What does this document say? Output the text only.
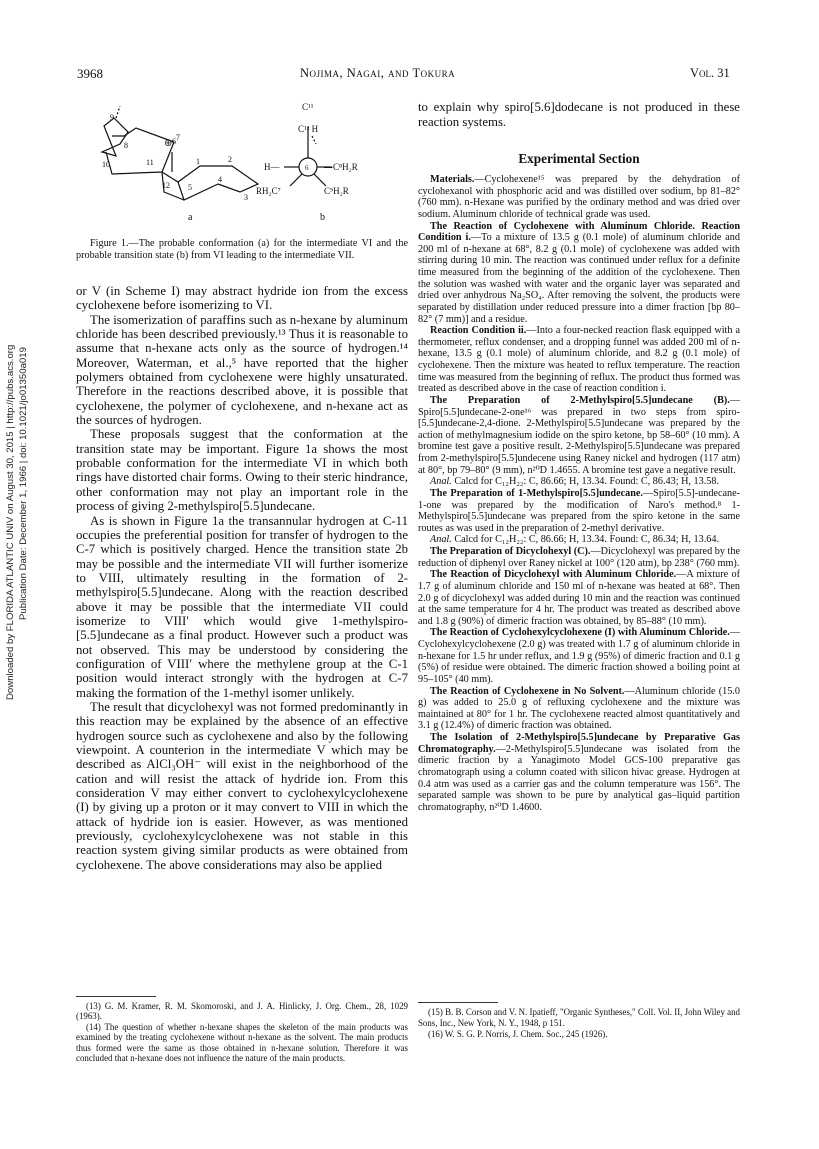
3968	Nojima, Nagai, and Tokura	Vol. 31
Downloaded by FLORIDA ATLANTIC UNIV on August 30, 2015 | http://pubs.acs.org Publication Date: December 1, 1966 | doi: 10.1021/jo01350a019
9
8
7
10	11
12
1	2
3
4
5
6
⊕
a
C¹¹
C¹² H
H—	6 —C⁸H₂R
RH₂C⁷	C⁵H₂R
b
Figure 1.—The probable conformation (a) for the intermediate VI and the probable transition state (b) from VI leading to the intermediate VII.

or V (in Scheme I) may abstract hydride ion from the excess cyclohexene before isomerizing to VI.

The isomerization of paraffins such as n-hexane by aluminum chloride has been described previously.¹³ Thus it is reasonable to assume that n-hexane acts only as the source of hydrogen.¹⁴ Moreover, Waterman, et al.,⁵ have reported that the higher polymers obtained from cyclohexene were highly unsaturated. Therefore in the reactions described above, it is possible that cyclohexene, the polymer of cyclohexene, and n-hexane act as the sources of hydrogen.

These proposals suggest that the conformation at the transition state may be important. Figure 1a shows the most probable conformation for the intermediate VI in which both rings have distorted chair forms. Owing to their steric hindrance, other conformation may not play an important role in the process of giving 2-methylspiro[5.5]undecane.

As is shown in Figure 1a the transannular hydrogen at C-11 occupies the preferential position for transfer of hydrogen to the C-7 which is positively charged. Hence the transition state 2b may be possible and the intermediate VII will further isomerize to VIII, ultimately resulting in the formation of 2-methylspiro[5.5]undecane. Along with the reaction described above it may be possible that the intermediate VII could isomerize to VIII′ which would give 1-methylspiro-[5.5]undecane as a final product. However such a product was not observed. This may be understood by considering the configuration of VIII′ where the methylene group at the C-1 position would interact strongly with the hydrogen at C-7 making the formation of the 1-methyl isomer unlikely.

The result that dicyclohexyl was not formed predominantly in this reaction may be explained by the absence of an effective hydrogen source such as cyclohexene and also by the following viewpoint. A counterion in the intermediate V which may be described as AlCl₃OH⁻ will exist in the neighborhood of the cation and will resist the attack of hydride ion. From this consideration V may either convert to cyclohexylcyclohexene (I) by giving up a proton or it may convert to VIII in which the attack of hydride ion is easier. However, as was mentioned previously, cyclohexylcyclohexene was not stable in this reaction system giving similar products as were obtained from cyclohexene. The above considerations may also be applied

(13) G. M. Kramer, R. M. Skomoroski, and J. A. Hinlicky, J. Org. Chem., 28, 1029 (1963).

(14) The question of whether n-hexane shapes the skeleton of the main products was examined by the treating cyclohexene without n-hexane as the solvent. The main products thus formed were the same as those obtained in n-hexane solution. Therefore it was concluded that n-hexane does not influence the nature of the main products.

to explain why spiro[5.6]dodecane is not produced in these reaction systems.
Experimental Section

Materials.—Cyclohexene¹⁵ was prepared by the dehydration of cyclohexanol with phosphoric acid and was distilled over sodium, bp 81–82° (760 mm). n-Hexane was purified by the ordinary method and was dried over sodium. Aluminum chloride of technical grade was used.

The Reaction of Cyclohexene with Aluminum Chloride. Reaction Condition i.—To a mixture of 13.5 g (0.1 mole) of aluminum chloride and 200 ml of n-hexane at 68°, 8.2 g (0.1 mole) of cyclohexene was added with stirring during 10 min. The reaction was continued under reflux for a definite time measured from the beginning of the addition of the cyclohexene. Then the solution was washed with water and the organic layer was separated and dried over anhydrous Na₂SO₄. After removing the solvent, the products were separated by distillation under reduced pressure into a dimer fraction [bp 80–82° (7 mm)] and a residue.

Reaction Condition ii.—Into a four-necked reaction flask equipped with a thermometer, reflux condenser, and a dropping funnel was added 200 ml of n-hexane, 13.5 g (0.1 mole) of aluminum chloride, and 8.2 g (0.1 mole) of cyclohexene. Then the mixture was heated to reflux temperature. The reaction time was measured from the beginning of reflux. The product thus formed was treated as described above in the case of reaction condition i.

The Preparation of 2-Methylspiro[5.5]undecane (B).—Spiro[5.5]undecane-2-one¹⁶ was prepared in two steps from spiro-[5.5]undecane-2,4-dione. 2-Methylspiro[5.5]undecane was prepared by the action of methylmagnesium iodide on the spiro ketone, bp 58–60° (10 mm). A bromine test gave a positive result. 2-Methylspiro[5.5]undecane was prepared from 2-methylspiro[5.5]undecene using Raney nickel and hydrogen (117 atm) at 80°, bp 79–80° (9 mm), n²⁰D 1.4655. A bromine test gave a negative result.

Anal. Calcd for C₁₂H₂₂: C, 86.66; H, 13.34. Found: C, 86.43; H, 13.58.

The Preparation of 1-Methylspiro[5.5]undecane.—Spiro[5.5]-undecane-1-one was prepared by the modification of Naro's method.⁸ 1-Methylspiro[5.5]undecane was prepared from the spiro ketone in the same routes as was used in the preparation of 2-methyl derivative.

Anal. Calcd for C₁₂H₂₂: C, 86.66; H, 13.34. Found: C, 86.34; H, 13.64.

The Preparation of Dicyclohexyl (C).—Dicyclohexyl was prepared by the reduction of diphenyl over Raney nickel at 100° (120 atm), bp 238° (760 mm).

The Reaction of Dicyclohexyl with Aluminum Chloride.—A mixture of 1.7 g of aluminum chloride and 150 ml of n-hexane was heated at 68°. Then 2.0 g of dicyclohexyl was added during 10 min and the reaction was continued at the same temperature for 4 hr. The product was treated as described above and 1.8 g (90%) of dimeric fraction was obtained, by 85–88° (10 mm).

The Reaction of Cyclohexylcyclohexene (I) with Aluminum Chloride.—Cyclohexylcyclohexene (2.0 g) was treated with 1.7 g of aluminum chloride in n-hexane for 1.5 hr under reflux, and 1.9 g (95%) of dimeric fraction and 0.1 g (5%) of residue were obtained. The dimeric fraction showed a boiling point at 95–105° (40 mm).

The Reaction of Cyclohexene in No Solvent.—Aluminum chloride (15.0 g) was added to 25.0 g of refluxing cyclohexene and the mixture was maintained at 80° for 1 hr. The cyclohexene reacted almost quantitatively and 3.1 g (12.4%) of dimeric fraction was obtained.

The Isolation of 2-Methylspiro[5.5]undecane by Preparative Gas Chromatography.—2-Methylspiro[5.5]undecane was isolated from the dimeric fraction by a Yanagimoto Model GCS-100 preparative gas chromatograph using a column coated with silicon hivac grease. Hydrogen at 0.4 atm was used as a carrier gas and the column temperature was 156°. The separated sample was shown to be pure by analytical gas–liquid partition chromatography, n²⁰D 1.4600.

(15) B. B. Corson and V. N. Ipatieff, "Organic Syntheses," Coll. Vol. II, John Wiley and Sons, Inc., New York, N. Y., 1948, p 151.

(16) W. S. G. P. Norris, J. Chem. Soc., 245 (1926).
